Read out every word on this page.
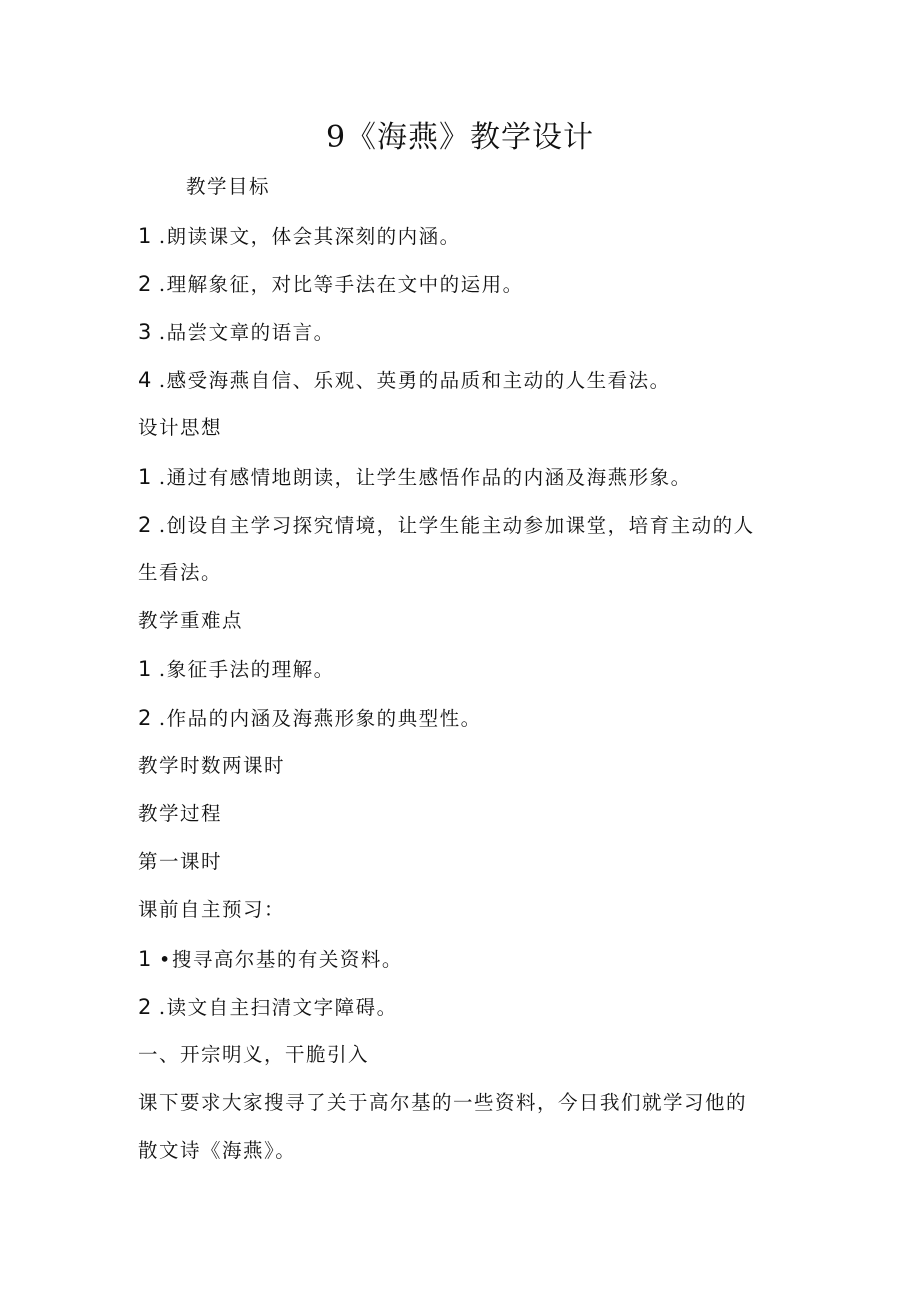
9《海燕》教学设计
教学目标
1 .朗读课文，体会其深刻的内涵。
2 .理解象征，对比等手法在文中的运用。
3 .品尝文章的语言。
4 .感受海燕自信、乐观、英勇的品质和主动的人生看法。
设计思想
1 .通过有感情地朗读，让学生感悟作品的内涵及海燕形象。
2 .创设自主学习探究情境，让学生能主动参加课堂，培育主动的人
生看法。
教学重难点
1 .象征手法的理解。
2 .作品的内涵及海燕形象的典型性。
教学时数两课时
教学过程
第一课时
课前自主预习：
1 •搜寻高尔基的有关资料。
2 .读文自主扫清文字障碍。
一、开宗明义，干脆引入
课下要求大家搜寻了关于高尔基的一些资料，今日我们就学习他的
散文诗《海燕》。
